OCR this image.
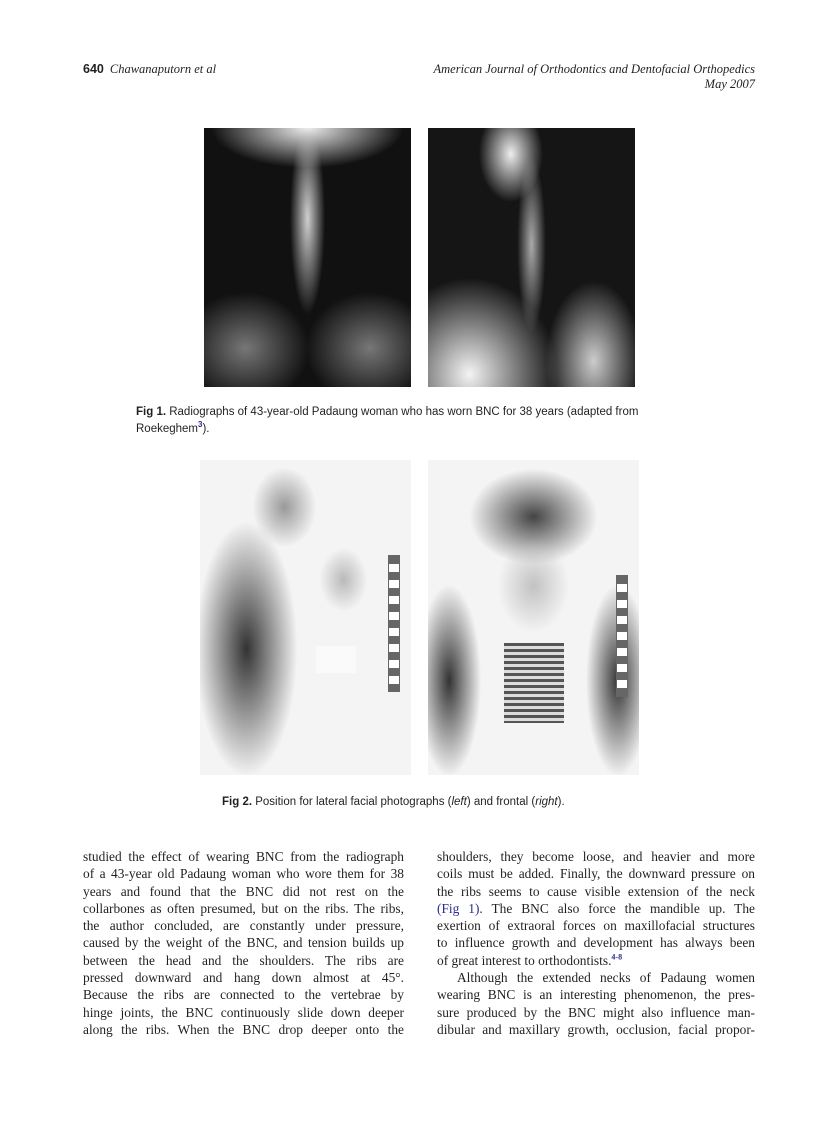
640 Chawanaputorn et al	American Journal of Orthodontics and Dentofacial Orthopedics
May 2007
Fig 1. Radiographs of 43-year-old Padaung woman who has worn BNC for 38 years (adapted from
Roekeghem$^3$).
Fig 2. Position for lateral facial photographs (left) and frontal (right).
studied the effect of wearing BNC from the radiograph
of a 43-year old Padaung woman who wore them for 38
years and found that the BNC did not rest on the
collarbones as often presumed, but on the ribs. The ribs,
the author concluded, are constantly under pressure,
caused by the weight of the BNC, and tension builds up
between the head and the shoulders. The ribs are
pressed downward and hang down almost at 45°.
Because the ribs are connected to the vertebrae by
hinge joints, the BNC continuously slide down deeper
along the ribs. When the BNC drop deeper onto the
shoulders, they become loose, and heavier and more
coils must be added. Finally, the downward pressure on
the ribs seems to cause visible extension of the neck
(Fig 1). The BNC also force the mandible up. The
exertion of extraoral forces on maxillofacial structures
to influence growth and development has always been
of great interest to orthodontists.$^{4-8}$
Although the extended necks of Padaung women
wearing BNC is an interesting phenomenon, the pres-
sure produced by the BNC might also influence man-
dibular and maxillary growth, occlusion, facial propor-
